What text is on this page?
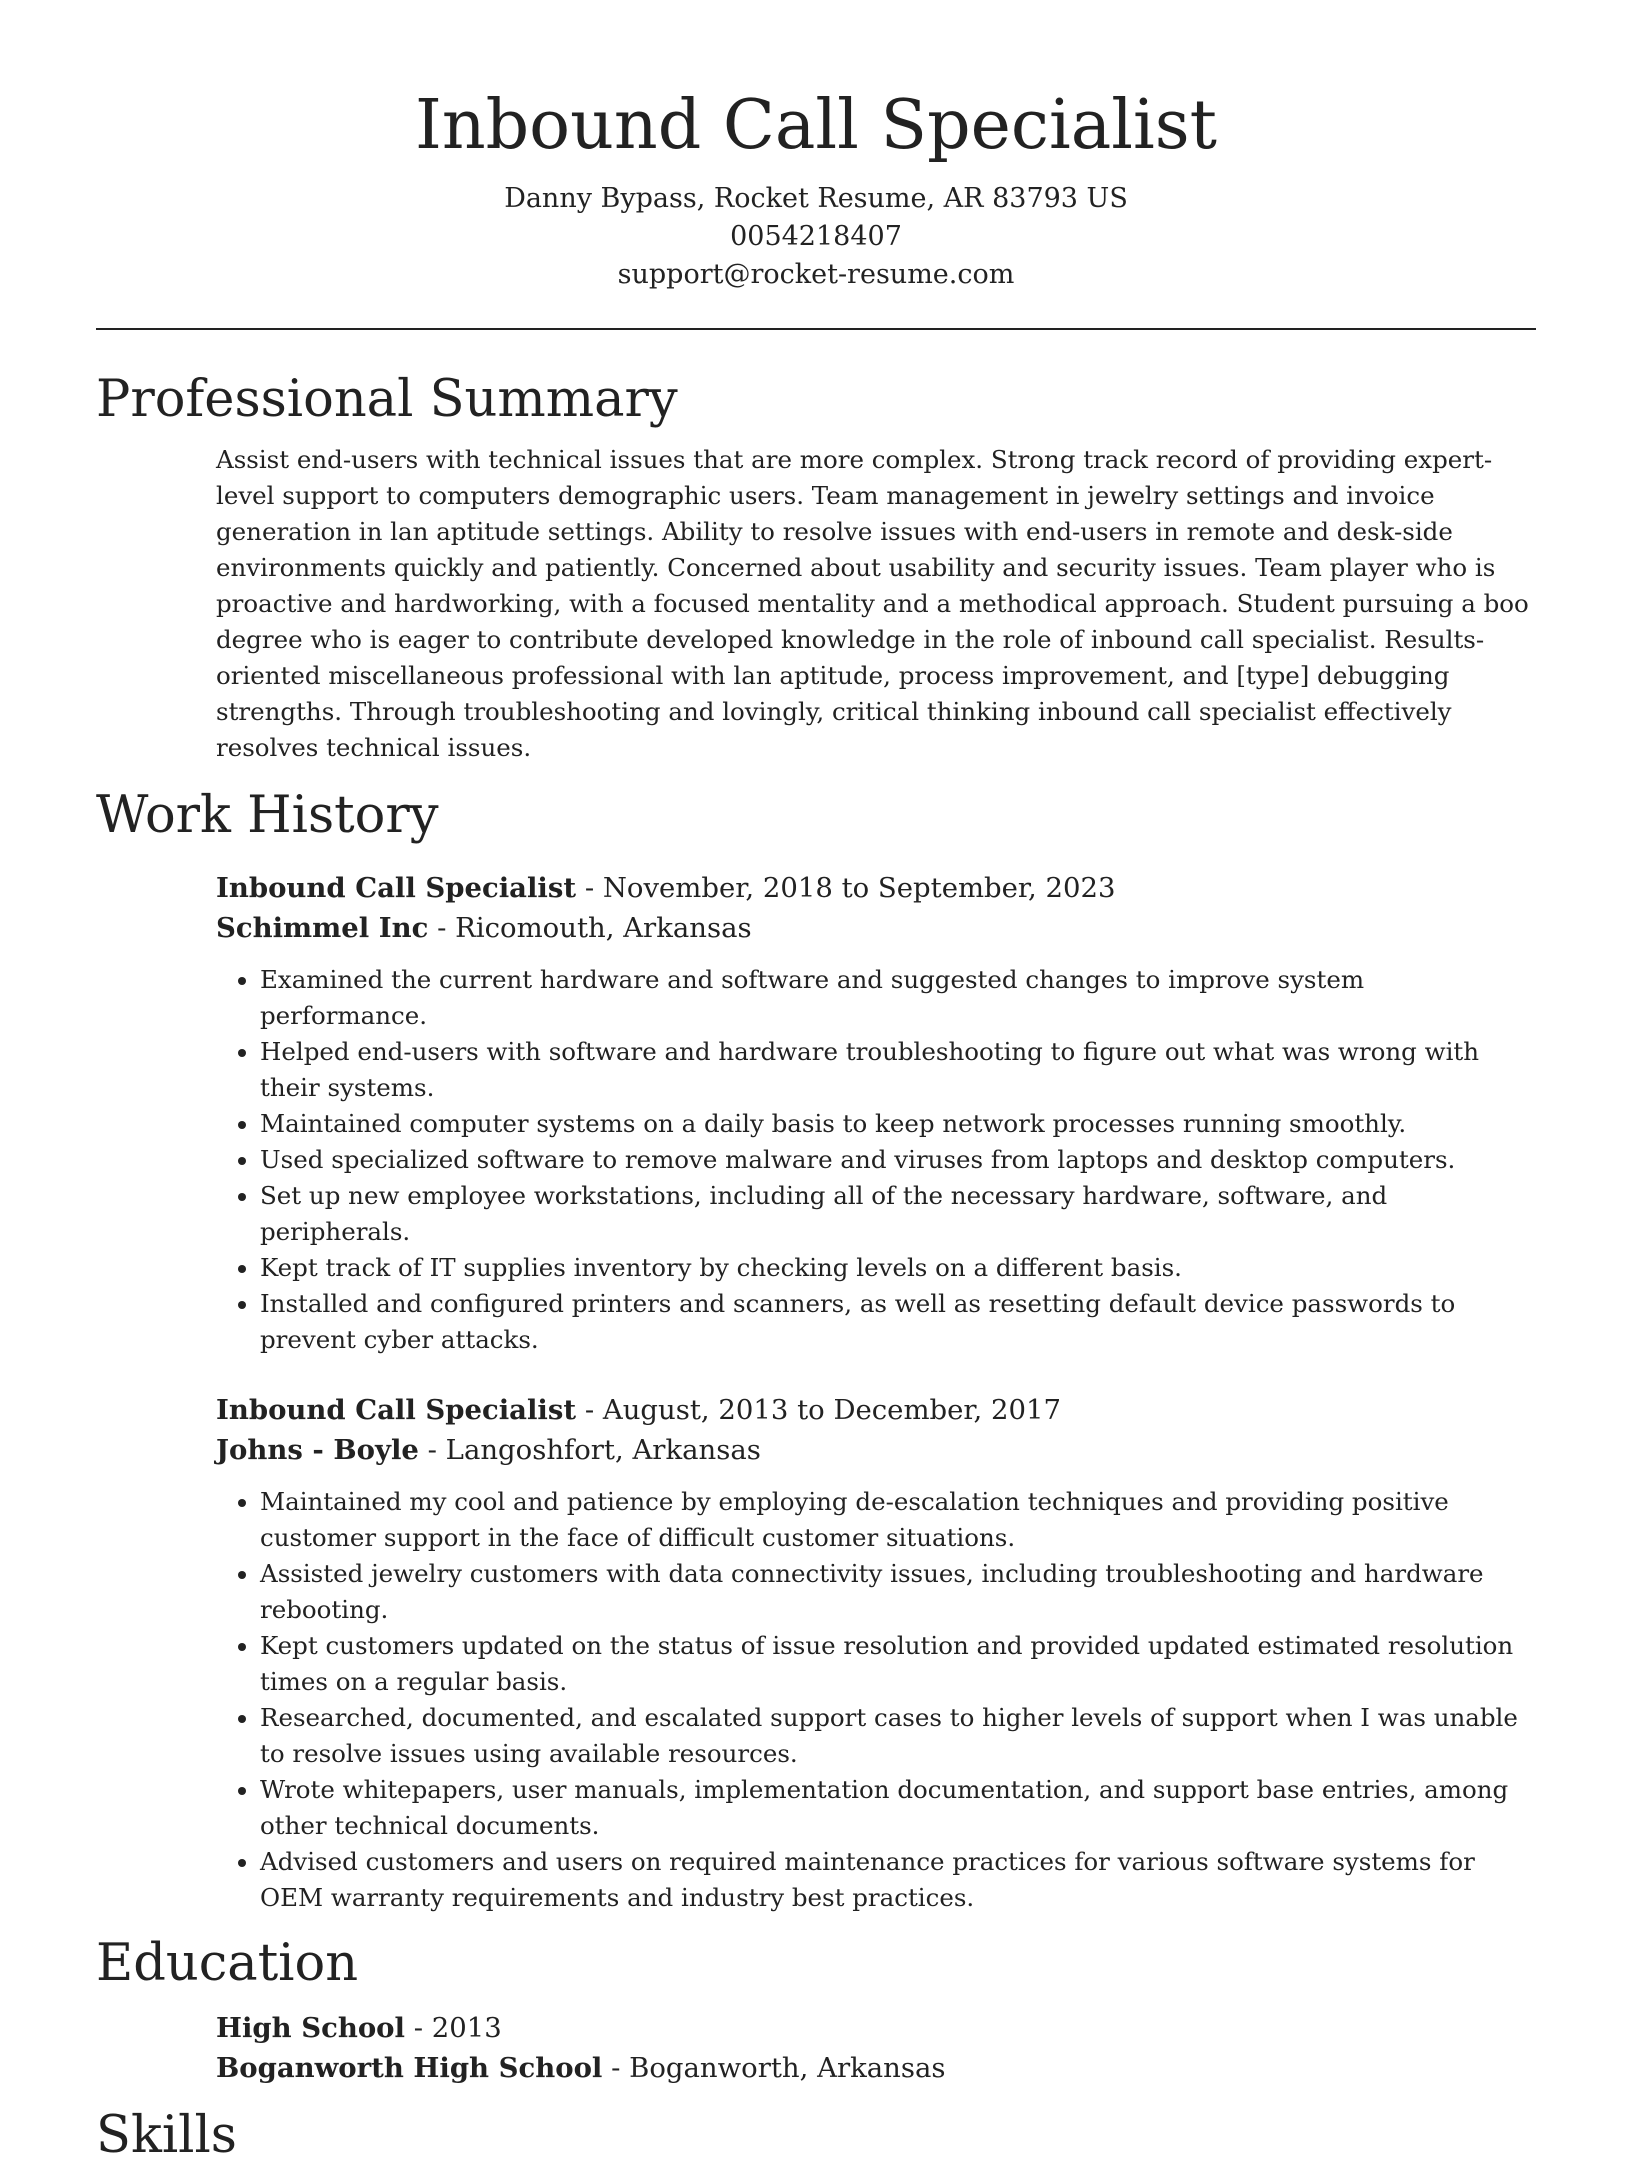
Inbound Call Specialist

Danny Bypass, Rocket Resume, AR 83793 US

0054218407

support@rocket-resume.com

Professional Summary

Assist end-users with technical issues that are more complex. Strong track record of providing expert-level support to computers demographic users. Team management in jewelry settings and invoice generation in lan aptitude settings. Ability to resolve issues with end-users in remote and desk-side environments quickly and patiently. Concerned about usability and security issues. Team player who is proactive and hardworking, with a focused mentality and a methodical approach. Student pursuing a boo degree who is eager to contribute developed knowledge in the role of inbound call specialist. Results-oriented miscellaneous professional with lan aptitude, process improvement, and [type] debugging strengths. Through troubleshooting and lovingly, critical thinking inbound call specialist effectively resolves technical issues.

Work History

Inbound Call Specialist - November, 2018 to September, 2023

Schimmel Inc - Ricomouth, Arkansas

• Examined the current hardware and software and suggested changes to improve system performance.
• Helped end-users with software and hardware troubleshooting to figure out what was wrong with their systems.
• Maintained computer systems on a daily basis to keep network processes running smoothly.
• Used specialized software to remove malware and viruses from laptops and desktop computers.
• Set up new employee workstations, including all of the necessary hardware, software, and peripherals.
• Kept track of IT supplies inventory by checking levels on a different basis.
• Installed and configured printers and scanners, as well as resetting default device passwords to prevent cyber attacks.

Inbound Call Specialist - August, 2013 to December, 2017

Johns - Boyle - Langoshfort, Arkansas

• Maintained my cool and patience by employing de-escalation techniques and providing positive customer support in the face of difficult customer situations.
• Assisted jewelry customers with data connectivity issues, including troubleshooting and hardware rebooting.
• Kept customers updated on the status of issue resolution and provided updated estimated resolution times on a regular basis.
• Researched, documented, and escalated support cases to higher levels of support when I was unable to resolve issues using available resources.
• Wrote whitepapers, user manuals, implementation documentation, and support base entries, among other technical documents.
• Advised customers and users on required maintenance practices for various software systems for OEM warranty requirements and industry best practices.
Education

High School - 2013

Boganworth High School - Boganworth, Arkansas

Skills
